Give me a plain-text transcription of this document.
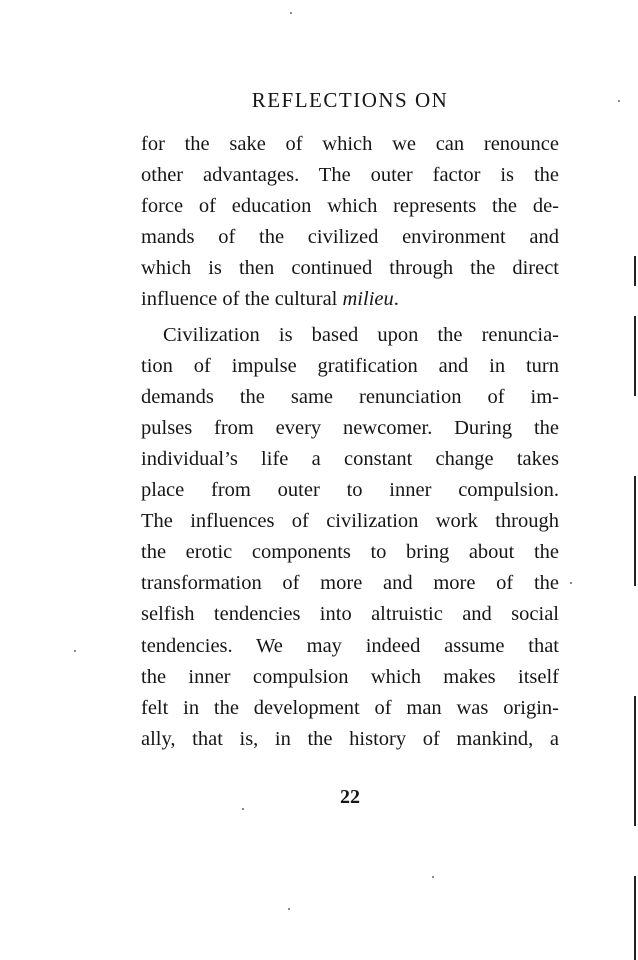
REFLECTIONS ON
for the sake of which we can renounce
other advantages. The outer factor is the
force of education which represents the de-
mands of the civilized environment and
which is then continued through the direct
influence of the cultural milieu.
Civilization is based upon the renuncia-
tion of impulse gratification and in turn
demands the same renunciation of im-
pulses from every newcomer. During the
individual’s life a constant change takes
place from outer to inner compulsion.
The influences of civilization work through
the erotic components to bring about the
transformation of more and more of the
selfish tendencies into altruistic and social
tendencies. We may indeed assume that
the inner compulsion which makes itself
felt in the development of man was origin-
ally, that is, in the history of mankind, a
22
